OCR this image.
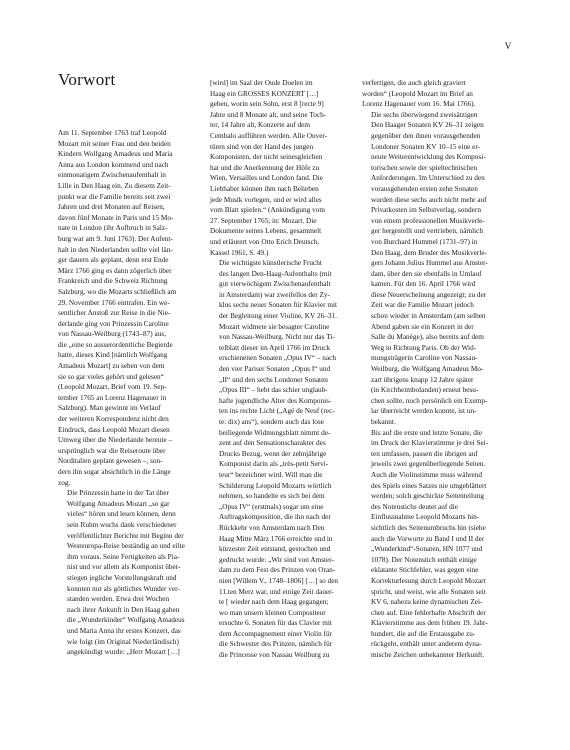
V
Vorwort

Am 11. September 1763 traf Leopold
Mozart mit seiner Frau und den beiden
Kindern Wolfgang Amadeus und Maria
Anna aus London kommend und nach
einmonatigem Zwischenaufenthalt in
Lille in Den Haag ein. Zu diesem Zeit-
punkt war die Familie bereits seit zwei
Jahren und drei Monaten auf Reisen,
davon fünf Monate in Paris und 15 Mo-
nate in London (ihr Aufbruch in Salz-
burg war am 9. Juni 1763). Der Aufent-
halt in den Niederlanden sollte viel län-
ger dauern als geplant, denn erst Ende
März 1766 ging es dann zögerlich über
Frankreich und die Schweiz Richtung
Salzburg, wo die Mozarts schließlich am
29. November 1766 eintrafen. Ein we-
sentlicher Anstoß zur Reise in die Nie-
derlande ging von Prinzessin Caroline
von Nassau-Weilburg (1743–87) aus,
die „eine so ausserordentliche Begierde
hatte, dieses Kind [nämlich Wolfgang
Amadeus Mozart] zu sehen von dem
sie so gar vieles gehört und gelesen“
(Leopold Mozart, Brief vom 19. Sep-
tember 1765 an Lorenz Hagenauer in
Salzburg). Man gewinnt im Verlauf
der weiteren Korrespondenz nicht den
Eindruck, dass Leopold Mozart diesen
Umweg über die Niederlande bereute –
ursprünglich war die Reiseroute über
Norditalien geplant gewesen –, son-
dern ihn sogar absichtlich in die Länge
zog.

Die Prinzessin hatte in der Tat über
Wolfgang Amadeus Mozart „so gar
vieles“ hören und lesen können, denn
sein Ruhm wuchs dank verschiedener
veröffentlichter Berichte mit Beginn der
Westeuropa-Reise beständig an und eilte
ihm voraus. Seine Fertigkeiten als Pia-
nist und vor allem als Komponist über-
stiegen jegliche Vorstellungskraft und
konnten nur als göttliches Wunder ver-
standen werden. Etwa drei Wochen
nach ihrer Ankunft in Den Haag gaben
die „Wunderkinder“ Wolfgang Amadeus
und Maria Anna ihr erstes Konzert, das
wie folgt (im Original Niederländisch)
angekündigt wurde: „Herr Mozart […]

[wird] im Saal der Oude Doelen im
Haag ein GROSSES KONZERT […]
geben, worin sein Sohn, erst 8 [recte 9]
Jahre und 8 Monate alt, und seine Toch-
ter, 14 Jahre alt, Konzerte auf dem
Cembalo aufführen werden. Alle Ouver-
türen sind von der Hand des jungen
Komponisten, der nicht seinesgleichen
hat und die Anerkennung der Höfe zu
Wien, Versailles und London fand. Die
Liebhaber können ihm nach Belieben
jede Musik vorlegen, und er wird alles
vom Blatt spielen.“ (Ankündigung vom
27. September 1765; in: Mozart. Die
Dokumente seines Lebens, gesammelt
und erläutert von Otto Erich Deutsch,
Kassel 1961, S. 49.)

Die wichtigste künstlerische Frucht
des langen Den-Haag-Aufenthalts (mit
gut vierwöchigem Zwischenaufenthalt
in Amsterdam) war zweifellos der Zy-
klus sechs neuer Sonaten für Klavier mit
der Begleitung einer Violine, KV 26–31.
Mozart widmete sie besagter Caroline
von Nassau-Weilburg. Nicht nur das Ti-
telblatt dieser im April 1766 im Druck
erschienenen Sonaten „Opus IV“ – nach
den vier Pariser Sonaten „Opus I“ und
„II“ und den sechs Londoner Sonaten
„Opus III“ – hebt das schier unglaub-
hafte jugendliche Alter des Komponis-
ten ins rechte Licht („Agé de Neuf (rec-
te: dix) ans“), sondern auch das lose
beiliegende Widmungsblatt nimmt de-
zent auf den Sensationscharakter des
Drucks Bezug, wenn der zehnjährige
Komponist darin als „très-petit Servi-
teur“ bezeichnet wird. Will man die
Schilderung Leopold Mozarts wörtlich
nehmen, so handelte es sich bei dem
„Opus IV“ (erstmals) sogar um eine
Auftragskomposition, die ihn nach der
Rückkehr von Amsterdam nach Den
Haag Mitte März 1766 erreichte und in
kürzester Zeit entstand, gestochen und
gedruckt wurde: „Wir sind von Amster-
dam zu dem Fest des Prinzen von Oran-
nien [Willem V., 1748–1806] […] so den
11.ten Merz war, und einige Zeit dauer-
te [ wieder nach dem Haag gegangen;
wo man unsern kleinen Compositeur
ersuchte 6. Sonaten für das Clavier mit
dem Accompagnement einer Violin für
die Schwester des Prinzen, nämlich für
die Princesse von Nassau Weilburg zu

verfertigen, die auch gleich graviert
worden“ (Leopold Mozart im Brief an
Lorenz Hagenauer vom 16. Mai 1766).

Die sechs überwiegend zweisätzigen
Den Haager Sonaten KV 26–31 zeigen
gegenüber den ihnen vorausgehenden
Londoner Sonaten KV 10–15 eine er-
neute Weiterentwicklung des Komposi-
torischen sowie der spieltechnischen
Anforderungen. Im Unterschied zu den
vorausgehenden ersten zehn Sonaten
wurden diese sechs auch nicht mehr auf
Privatkosten im Selbstverlag, sondern
von einem professionellen Musikverle-
ger hergestellt und vertrieben, nämlich
von Burchard Hummel (1731–97) in
Den Haag, dem Bruder des Musikverle-
gers Johann Julius Hummel aus Amster-
dam, über den sie ebenfalls in Umlauf
kamen. Für den 16. April 1766 wird
diese Neuerscheinung angezeigt; zu der
Zeit war die Familie Mozart jedoch
schon wieder in Amsterdam (am selben
Abend gaben sie ein Konzert in der
Salle du Manège), also bereits auf dem
Weg in Richtung Paris. Ob der Wid-
mungsträgerin Caroline von Nassau-
Weilburg, die Wolfgang Amadeus Mo-
zart übrigens knapp 12 Jahre später
(in Kirchheimbolanden) erneut besu-
chen sollte, noch persönlich ein Exemp-
lar überreicht werden konnte, ist un-
bekannt.

Bis auf die erste und letzte Sonate, die
im Druck der Klavierstimme je drei Sei-
ten umfassen, passen die übrigen auf
jeweils zwei gegenüberliegende Seiten.
Auch die Violinstimme muss während
des Spiels eines Satzes nie umgeblättert
werden; solch geschickte Seitenteilung
des Notenstichs deutet auf die
Einflussnahme Leopold Mozarts hin-
sichtlich des Seitenumbruchs hin (siehe
auch die Vorworte zu Band I und II der
„Wunderkind“-Sonaten, HN 1077 und
1078). Der Notenstich enthält einige
eklatante Stichfehler, was gegen eine
Korrekturlesung durch Leopold Mozart
spricht, und weist, wie alle Sonaten seit
KV 6, nahezu keine dynamischen Zei-
chen auf. Eine fehlerhafte Abschrift der
Klavierstimme aus dem frühen 19. Jahr-
hundert, die auf die Erstausgabe zu-
rückgeht, enthält unter anderem dyna-
mische Zeichen unbekannter Herkunft.
